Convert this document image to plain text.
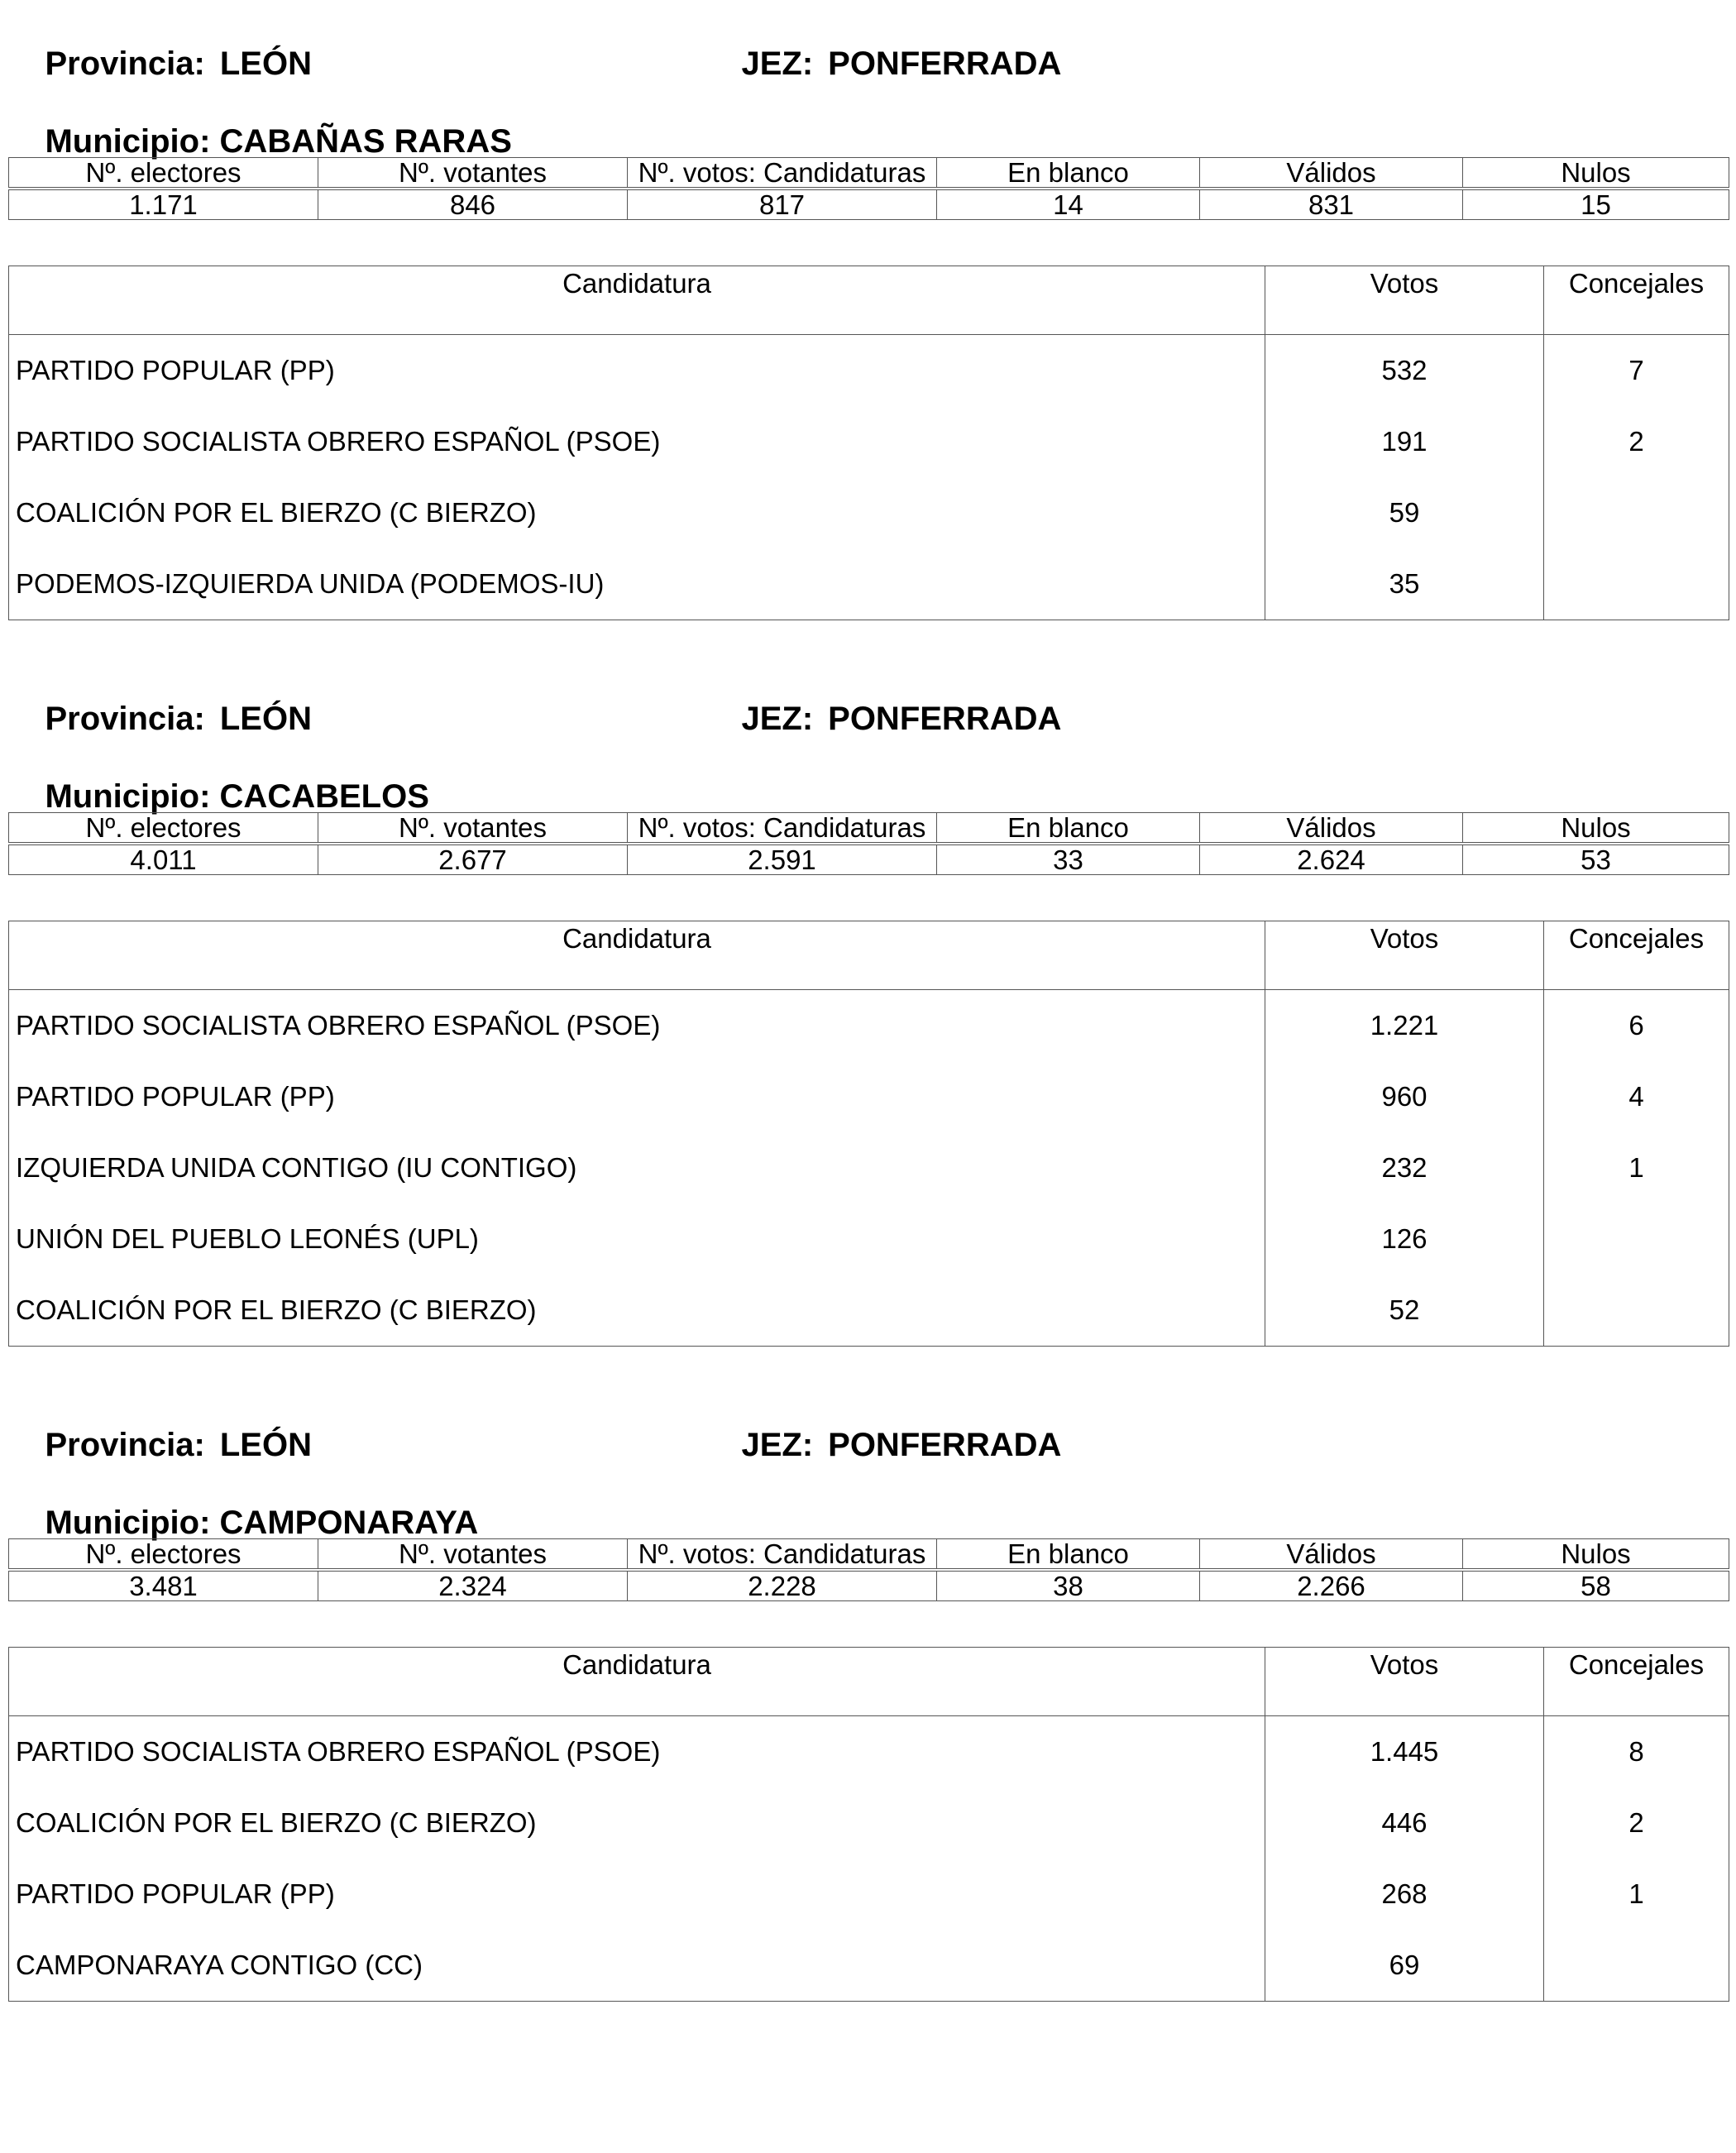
Provincia: LEÓN
	JEZ: PONFERRADA

Municipio: CABAÑAS RARAS

Nº. electores	Nº. votantes	Nº. votos: Candidaturas	En blanco	Válidos	Nulos

1.171	846	817	14	831	15
Candidatura	Votos	Concejales
PARTIDO POPULAR (PP)	532	7
PARTIDO SOCIALISTA OBRERO ESPAÑOL (PSOE)	191	2
COALICIÓN POR EL BIERZO (C BIERZO)	59	
PODEMOS-IZQUIERDA UNIDA (PODEMOS-IU)	35	

Provincia: LEÓN
	JEZ: PONFERRADA

Municipio: CACABELOS

Nº. electores	Nº. votantes	Nº. votos: Candidaturas	En blanco	Válidos	Nulos

4.011	2.677	2.591	33	2.624	53
Candidatura	Votos	Concejales
PARTIDO SOCIALISTA OBRERO ESPAÑOL (PSOE)	1.221	6
PARTIDO POPULAR (PP)	960	4
IZQUIERDA UNIDA CONTIGO (IU CONTIGO)	232	1
UNIÓN DEL PUEBLO LEONÉS (UPL)	126	
COALICIÓN POR EL BIERZO (C BIERZO)	52	

Provincia: LEÓN
	JEZ: PONFERRADA

Municipio: CAMPONARAYA

Nº. electores	Nº. votantes	Nº. votos: Candidaturas	En blanco	Válidos	Nulos

3.481	2.324	2.228	38	2.266	58
Candidatura	Votos	Concejales
PARTIDO SOCIALISTA OBRERO ESPAÑOL (PSOE)	1.445	8
COALICIÓN POR EL BIERZO (C BIERZO)	446	2
PARTIDO POPULAR (PP)	268	1
CAMPONARAYA CONTIGO (CC)	69	
